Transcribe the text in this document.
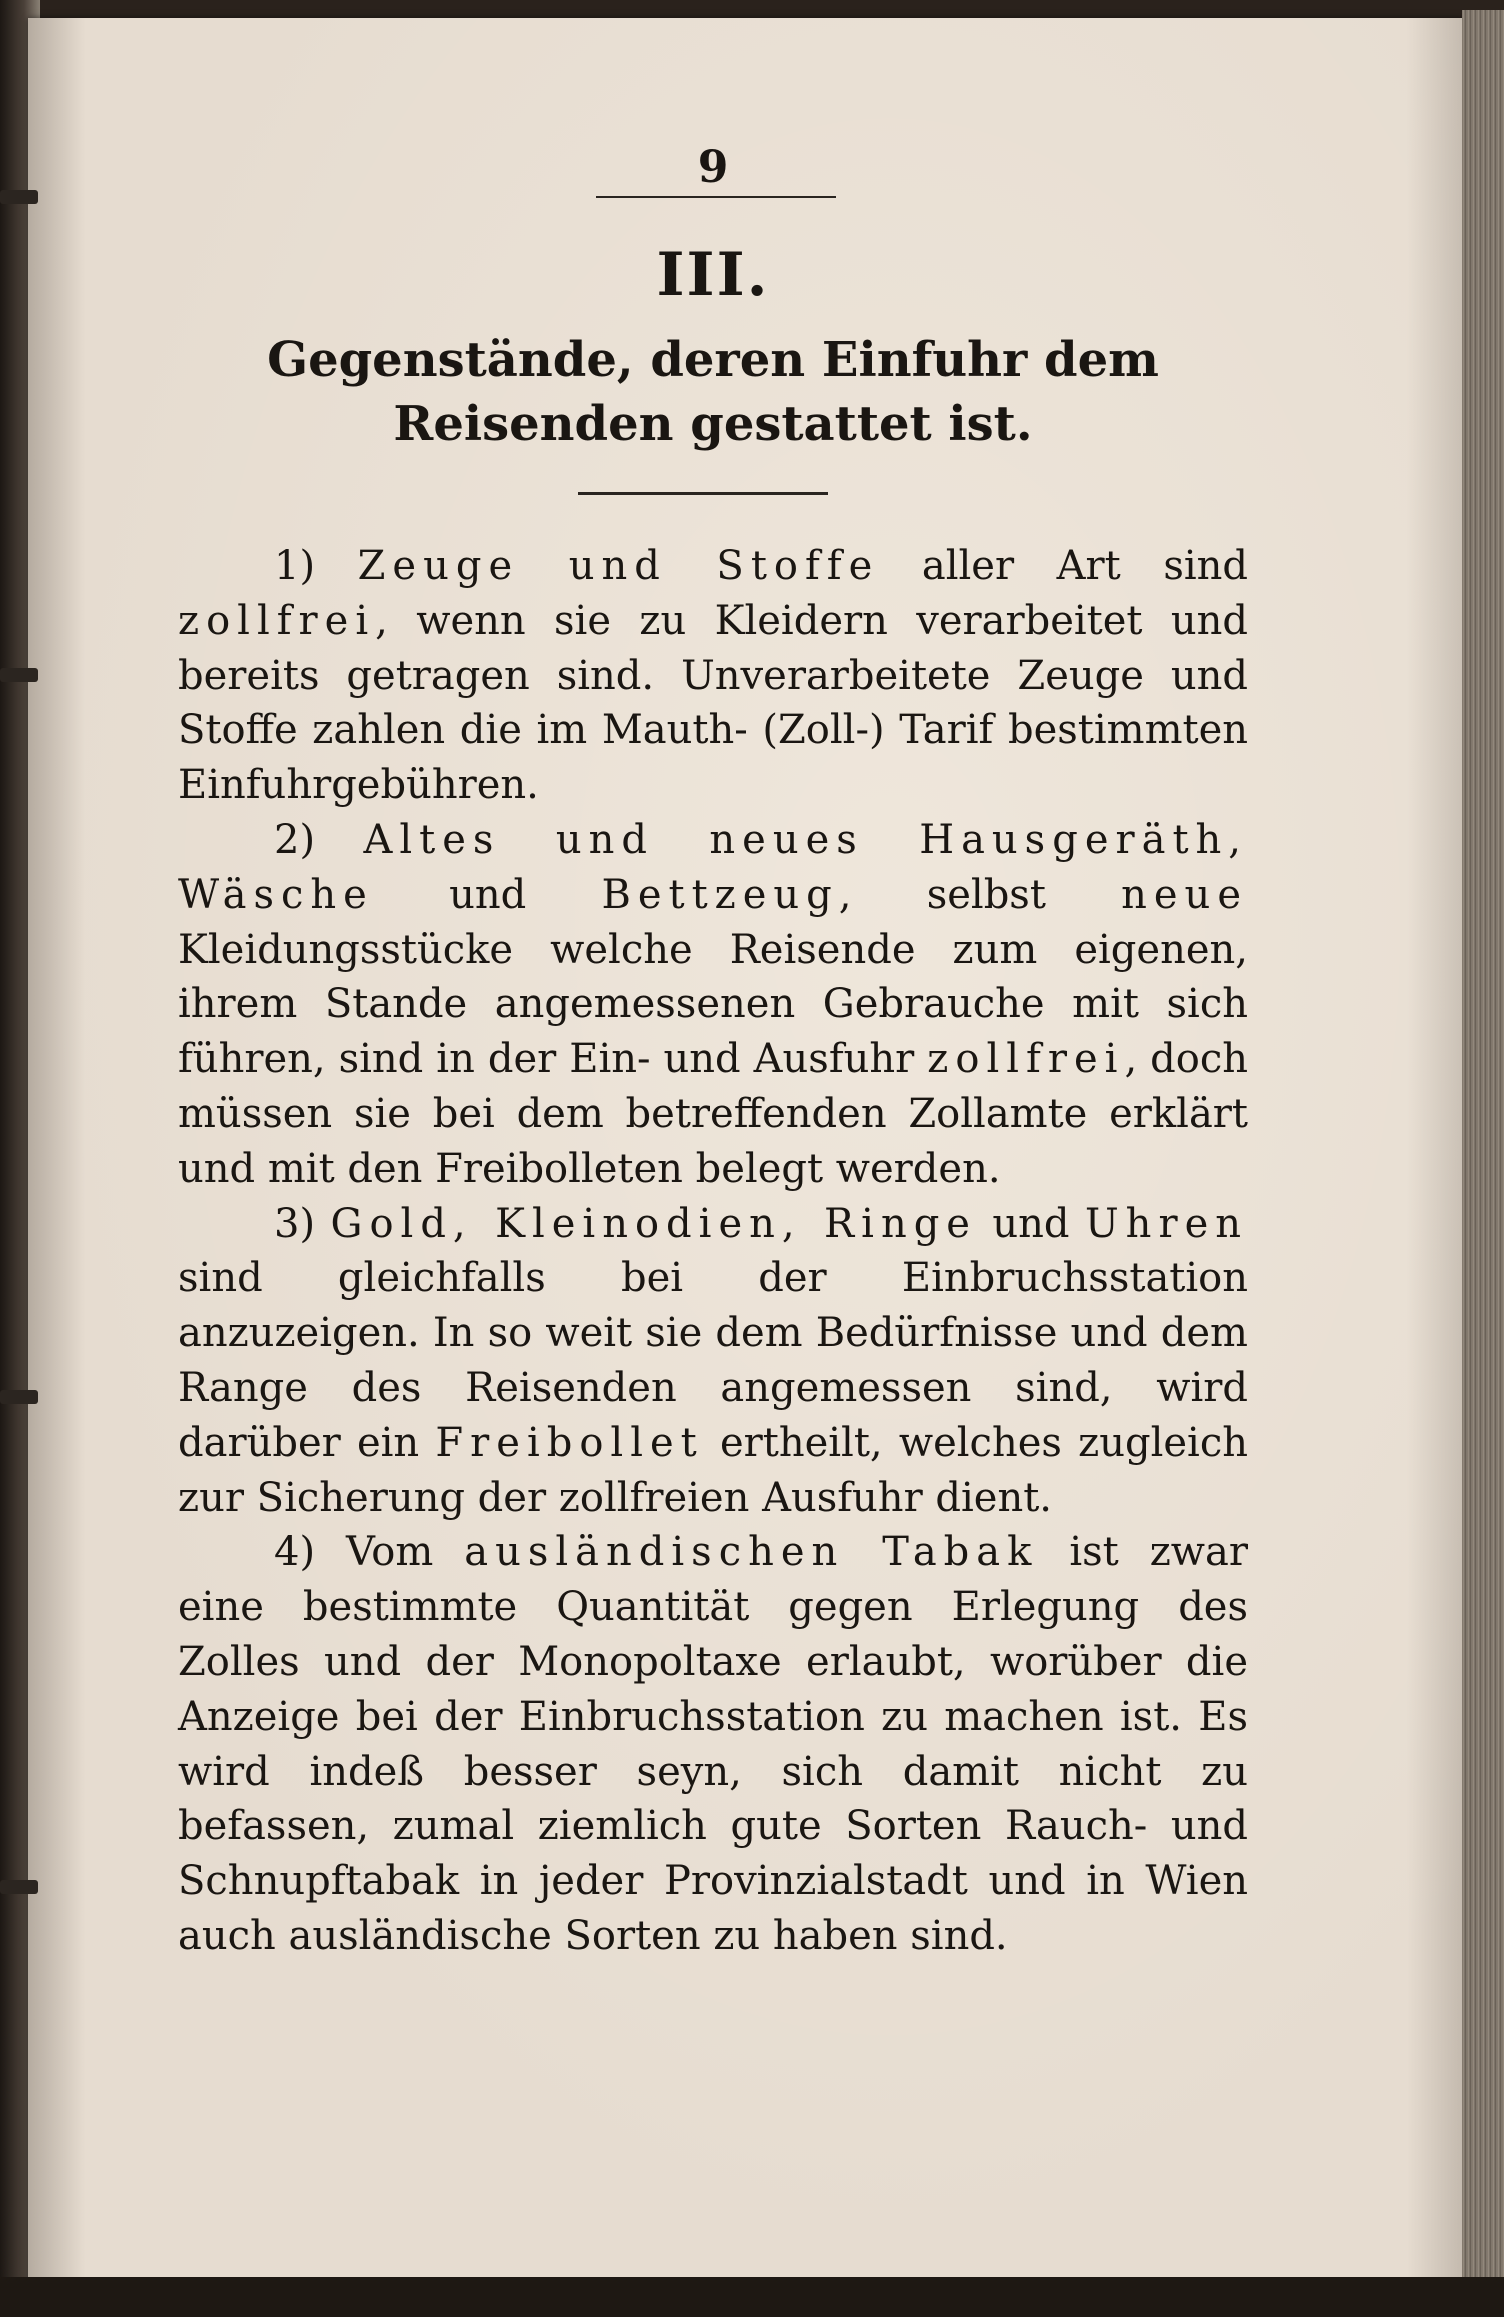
9
III.
Gegenstände, deren Einfuhr dem Reisenden gestattet ist.

1) Zeuge und Stoffe aller Art sind zollfrei, wenn sie zu Kleidern verarbeitet und bereits getragen sind. Unverarbeitete Zeuge und Stoffe zahlen die im Mauth- (Zoll-) Tarif bestimmten Einfuhrgebühren.

2) Altes und neues Hausgeräth, Wäsche und Bettzeug, selbst neue Kleidungsstücke welche Reisende zum eigenen, ihrem Stande angemessenen Gebrauche mit sich führen, sind in der Ein- und Ausfuhr zollfrei, doch müssen sie bei dem betreffenden Zollamte erklärt und mit den Freibolleten belegt werden.

3) Gold, Kleinodien, Ringe und Uhren sind gleichfalls bei der Einbruchsstation anzuzeigen. In so weit sie dem Bedürfnisse und dem Range des Reisenden angemessen sind, wird darüber ein Freibollet ertheilt, welches zugleich zur Sicherung der zollfreien Ausfuhr dient.

4) Vom ausländischen Tabak ist zwar eine bestimmte Quantität gegen Erlegung des Zolles und der Monopoltaxe erlaubt, worüber die Anzeige bei der Einbruchsstation zu machen ist. Es wird indeß besser seyn, sich damit nicht zu befassen, zumal ziemlich gute Sorten Rauch- und Schnupftabak in jeder Provinzialstadt und in Wien auch ausländische Sorten zu haben sind.
